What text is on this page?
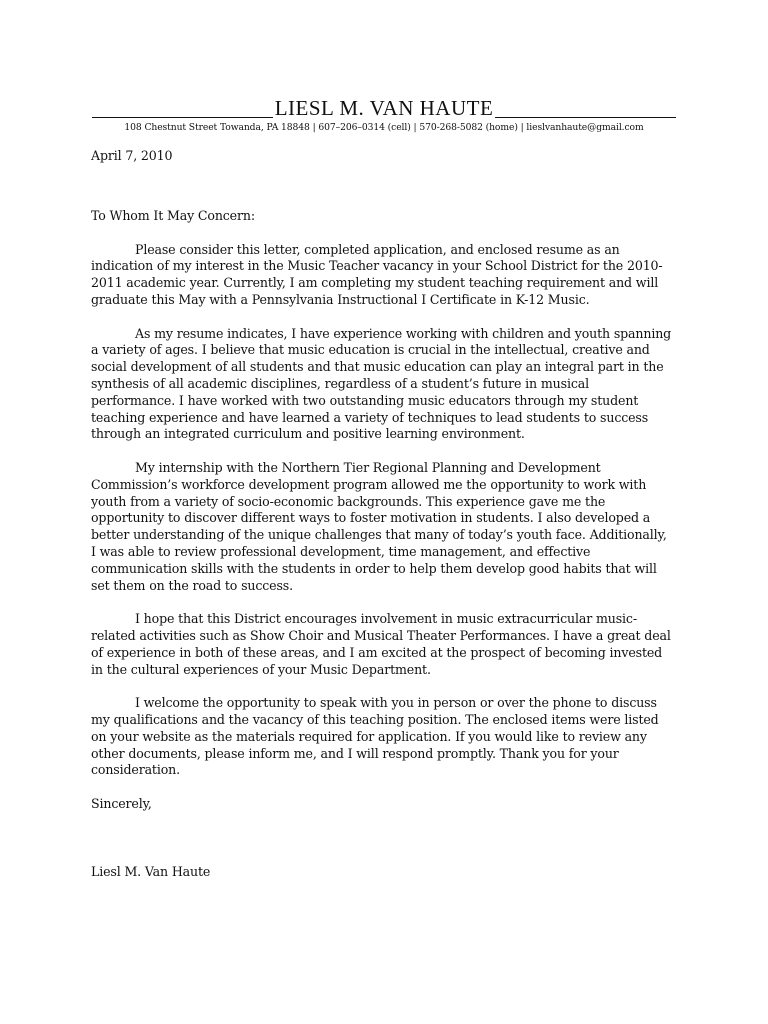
LIESL M. VAN HAUTE
108 Chestnut Street Towanda, PA 18848 | 607–206–0314 (cell) | 570-268-5082 (home) | lieslvanhaute@gmail.com

April 7, 2010

To Whom It May Concern:

Please consider this letter, completed application, and enclosed resume as an indication of my interest in the Music Teacher vacancy in your School District for the 2010-2011 academic year. Currently, I am completing my student teaching requirement and will graduate this May with a Pennsylvania Instructional I Certificate in K-12 Music.

As my resume indicates, I have experience working with children and youth spanning a variety of ages. I believe that music education is crucial in the intellectual, creative and social development of all students and that music education can play an integral part in the synthesis of all academic disciplines, regardless of a student’s future in musical performance. I have worked with two outstanding music educators through my student teaching experience and have learned a variety of techniques to lead students to success through an integrated curriculum and positive learning environment.

My internship with the Northern Tier Regional Planning and Development Commission’s workforce development program allowed me the opportunity to work with youth from a variety of socio-economic backgrounds. This experience gave me the opportunity to discover different ways to foster motivation in students. I also developed a better understanding of the unique challenges that many of today’s youth face. Additionally, I was able to review professional development, time management, and effective communication skills with the students in order to help them develop good habits that will set them on the road to success.

I hope that this District encourages involvement in music extracurricular music-related activities such as Show Choir and Musical Theater Performances. I have a great deal of experience in both of these areas, and I am excited at the prospect of becoming invested in the cultural experiences of your Music Department.

I welcome the opportunity to speak with you in person or over the phone to discuss my qualifications and the vacancy of this teaching position. The enclosed items were listed on your website as the materials required for application. If you would like to review any other documents, please inform me, and I will respond promptly. Thank you for your consideration.

Sincerely,

Liesl M. Van Haute
